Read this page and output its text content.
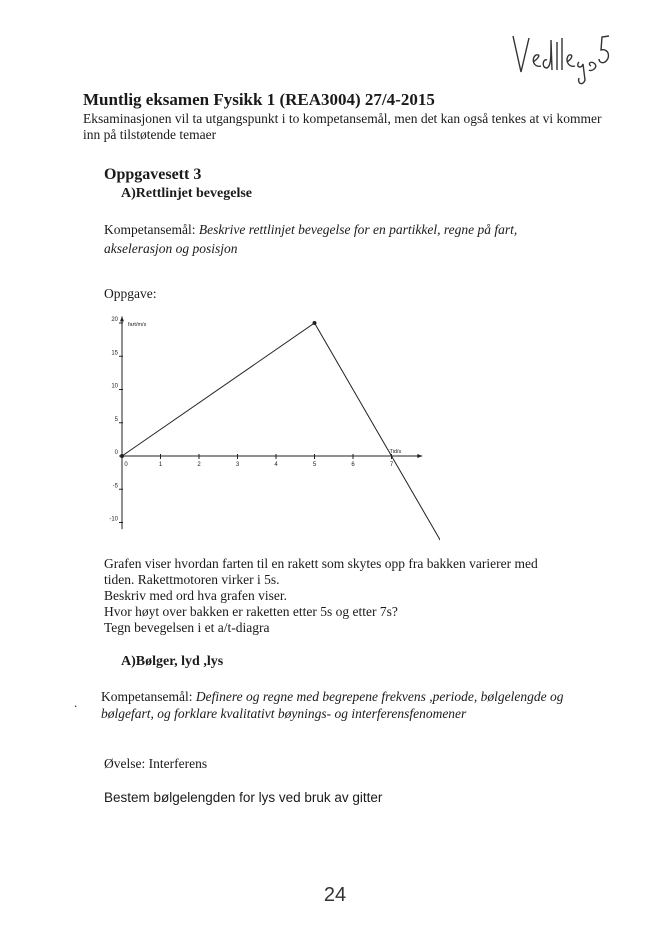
Muntlig eksamen Fysikk 1 (REA3004) 27/4-2015
Eksaminasjonen vil ta utgangspunkt i to kompetansemål, men det kan også tenkes at vi kommer inn på tilstøtende temaer
Oppgavesett 3
A)Rettlinjet bevegelse
Kompetansemål: Beskrive rettlinjet bevegelse for en partikkel, regne på fart, akselerasjon og posisjon
Oppgave:
20
15
10
5
0
-5
-10
0	1	2	3	4	5	6	7
fart/m/s
Tid/s
Grafen viser hvordan farten til en rakett som skytes opp fra bakken varierer med
tiden. Rakettmotoren virker i 5s.
Beskriv med ord hva grafen viser.
Hvor høyt over bakken er raketten etter 5s og etter 7s?
Tegn bevegelsen i et a/t-diagra
A)Bølger, lyd ,lys
. Kompetansemål: Definere og regne med begrepene frekvens ,periode, bølgelengde og bølgefart, og forklare kvalitativt bøynings- og interferensfenomener
Øvelse: Interferens
Bestem bølgelengden for lys ved bruk av gitter
24
